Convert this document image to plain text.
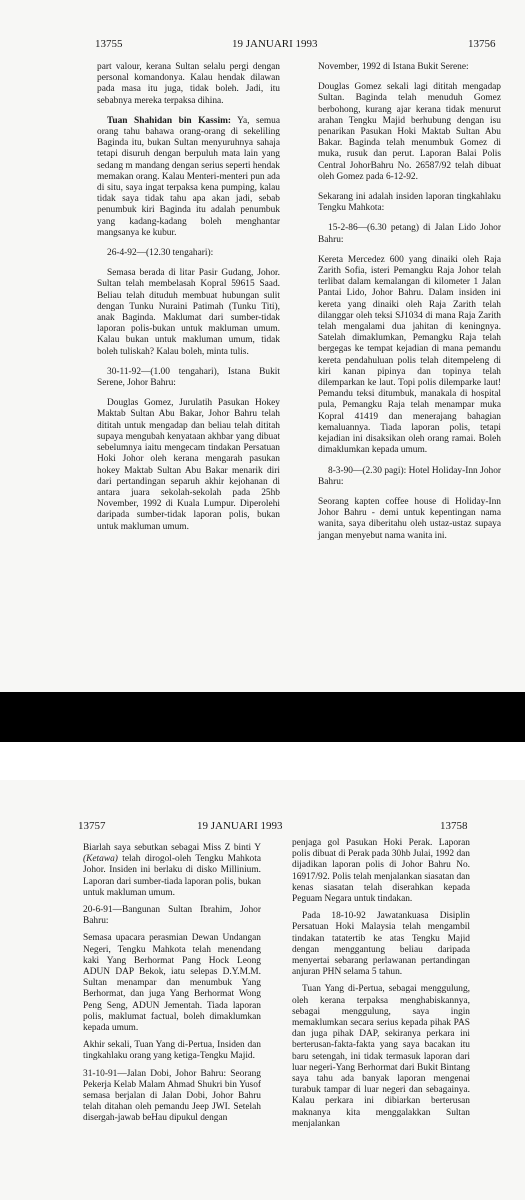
13755	19 JANUARI 1993	13756

part valour, kerana Sultan selalu pergi dengan personal komandonya. Kalau hendak dilawan pada masa itu juga, tidak boleh. Jadi, itu sebabnya mereka terpaksa dihina.

Tuan Shahidan bin Kassim: Ya, semua orang tahu bahawa orang-orang di sekeliling Baginda itu, bukan Sultan menyuruhnya sahaja tetapi disuruh dengan berpuluh mata lain yang sedang m mandang dengan serius seperti hendak memakan orang. Kalau Menteri-menteri pun ada di situ, saya ingat terpaksa kena pumping, kalau tidak saya tidak tahu apa akan jadi, sebab penumbuk kiri Baginda itu adalah penumbuk yang kadang-kadang boleh menghantar mangsanya ke kubur.

26-4-92—(12.30 tengahari):

Semasa berada di litar Pasir Gudang, Johor. Sultan telah membelasah Kopral 59615 Saad. Beliau telah dituduh membuat hubungan sulit dengan Tunku Nuraini Patimah (Tunku Titi), anak Baginda. Maklumat dari sumber-tidak laporan polis-bukan untuk makluman umum. Kalau bukan untuk makluman umum, tidak boleh tuliskah? Kalau boleh, minta tulis.

30-11-92—(1.00 tengahari), Istana Bukit Serene, Johor Bahru:

Douglas Gomez, Jurulatih Pasukan Hokey Maktab Sultan Abu Bakar, Johor Bahru telah dititah untuk mengadap dan beliau telah dititah supaya mengubah kenyataan akhbar yang dibuat sebelumnya iaitu mengecam tindakan Persatuan Hoki Johor oleh kerana mengarah pasukan hokey Maktab Sultan Abu Bakar menarik diri dari pertandingan separuh akhir kejohanan di antara juara sekolah-sekolah pada 25hb November, 1992 di Kuala Lumpur. Diperolehi daripada sumber-tidak laporan polis, bukan untuk makluman umum.

November, 1992 di Istana Bukit Serene:

Douglas Gomez sekali lagi dititah mengadap Sultan. Baginda telah menuduh Gomez berbohong, kurang ajar kerana tidak menurut arahan Tengku Majid berhubung dengan isu penarikan Pasukan Hoki Maktab Sultan Abu Bakar. Baginda telah menumbuk Gomez di muka, rusuk dan perut. Laporan Balai Polis Central JohorBahru No. 26587/92 telah dibuat oleh Gomez pada 6-12-92.

Sekarang ini adalah insiden laporan tingkahlaku Tengku Mahkota:

15-2-86—(6.30 petang) di Jalan Lido Johor Bahru:

Kereta Mercedez 600 yang dinaiki oleh Raja Zarith Sofia, isteri Pemangku Raja Johor telah terlibat dalam kemalangan di kilometer 1 Jalan Pantai Lido, Johor Bahru. Dalam insiden ini kereta yang dinaiki oleh Raja Zarith telah dilanggar oleh teksi SJ1034 di mana Raja Zarith telah mengalami dua jahitan di keningnya. Satelah dimaklumkan, Pemangku Raja telah bergegas ke tempat kejadian di mana pemandu kereta pendahuluan polis telah ditempeleng di kiri kanan pipinya dan topinya telah dilemparkan ke laut. Topi polis dilemparke laut! Pemandu teksi ditumbuk, manakala di hospital pula, Pemangku Raja telah menampar muka Kopral 41419 dan menerajang bahagian kemaluannya. Tiada laporan polis, tetapi kejadian ini disaksikan oleh orang ramai. Boleh dimaklumkan kepada umum.

8-3-90—(2.30 pagi): Hotel Holiday-Inn Johor Bahru:

Seorang kapten coffee house di Holiday-Inn Johor Bahru - demi untuk kepentingan nama wanita, saya diberitahu oleh ustaz-ustaz supaya jangan menyebut nama wanita ini.

13757	19 JANUARI 1993	13758

Biarlah saya sebutkan sebagai Miss Z binti Y (Ketawa) telah dirogol-oleh Tengku Mahkota Johor. Insiden ini berlaku di disko Millinium. Laporan dari sumber-tiada laporan polis, bukan untuk makluman umum.

20-6-91—Bangunan Sultan Ibrahim, Johor Bahru:

Semasa upacara perasmian Dewan Undangan Negeri, Tengku Mahkota telah menendang kaki Yang Berhormat Pang Hock Leong ADUN DAP Bekok, iatu selepas D.Y.M.M. Sultan menampar dan menumbuk Yang Berhormat, dan juga Yang Berhormat Wong Peng Seng, ADUN Jementah. Tiada laporan polis, maklumat factual, boleh dimaklumkan kepada umum.

Akhir sekali, Tuan Yang di-Pertua, Insiden dan tingkahlaku orang yang ketiga-Tengku Majid.

31-10-91—Jalan Dobi, Johor Bahru: Seorang Pekerja Kelab Malam Ahmad Shukri bin Yusof semasa berjalan di Jalan Dobi, Johor Bahru telah ditahan oleh pemandu Jeep JWI. Setelah disergah-jawab beHau dipukul dengan

penjaga gol Pasukan Hoki Perak. Laporan polis dibuat di Perak pada 30hb Julai, 1992 dan dijadikan laporan polis di Johor Bahru No. 16917/92. Polis telah menjalankan siasatan dan kenas siasatan telah diserahkan kepada Peguam Negara untuk tindakan.

Pada 18-10-92 Jawatankuasa Disiplin Persatuan Hoki Malaysia telah mengambil tindakan tatatertib ke atas Tengku Majid dengan menggantung beliau daripada menyertai sebarang perlawanan pertandingan anjuran PHN selama 5 tahun.

Tuan Yang di-Pertua, sebagai menggulung, oleh kerana terpaksa menghabiskannya, sebagai menggulung, saya ingin memaklumkan secara serius kepada pihak PAS dan juga pihak DAP, sekiranya perkara ini berterusan-fakta-fakta yang saya bacakan itu baru setengah, ini tidak termasuk laporan dari luar negeri-Yang Berhormat dari Bukit Bintang saya tahu ada banyak laporan mengenai turabuk tampar di luar negeri dan sebagainya. Kalau perkara ini dibiarkan berterusan maknanya kita menggalakkan Sultan menjalankan
